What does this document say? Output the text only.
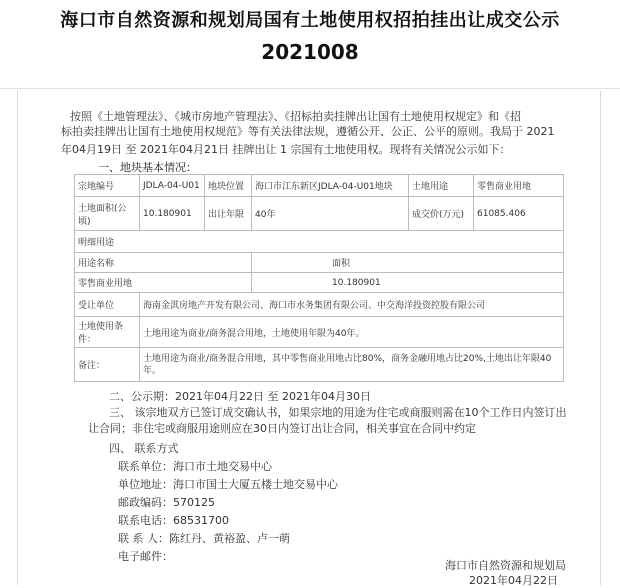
海口市自然资源和规划局国有土地使用权招拍挂出让成交公示
2021008
按照《土地管理法》、《城市房地产管理法》、《招标拍卖挂牌出让国有土地使用权规定》和《招
标拍卖挂牌出让国有土地使用权规范》等有关法律法规，遵循公开、公正、公平的原则。我局于 2021
年04月19日 至 2021年04月21日 挂牌出让 1 宗国有土地使用权。现将有关情况公示如下：
一、地块基本情况：
宗地编号	JDLA-04-U01	地块位置	海口市江东新区JDLA-04-U01地块	土地用途	零售商业用地
土地面积(公顷)	10.180901	出让年限	40年	成交价(万元)	61085.406
明细用途					
用途名称			面积		
零售商业用地			10.180901		
受让单位	海南金淇房地产开发有限公司、海口市水务集团有限公司、中交海洋投资控股有限公司				
土地使用条件：	土地用途为商业/商务混合用地，土地使用年限为40年。				
备注：	土地用途为商业/商务混合用地，其中零售商业用地占比80%，商务金融用地占比20%,土地出让年限40年。				
二、公示期：2021年04月22日 至 2021年04月30日
三、 该宗地双方已签订成交确认书，如果宗地的用途为住宅或商服则需在10个工作日内签订出
让合同；非住宅或商服用途则应在30日内签订出让合同，相关事宜在合同中约定
四、 联系方式
联系单位：海口市土地交易中心
单位地址：海口市国土大厦五楼土地交易中心
邮政编码：570125
联系电话：68531700
联 系 人：陈红丹、黄裕盈、卢一萌
电子邮件：
海口市自然资源和规划局
2021年04月22日
